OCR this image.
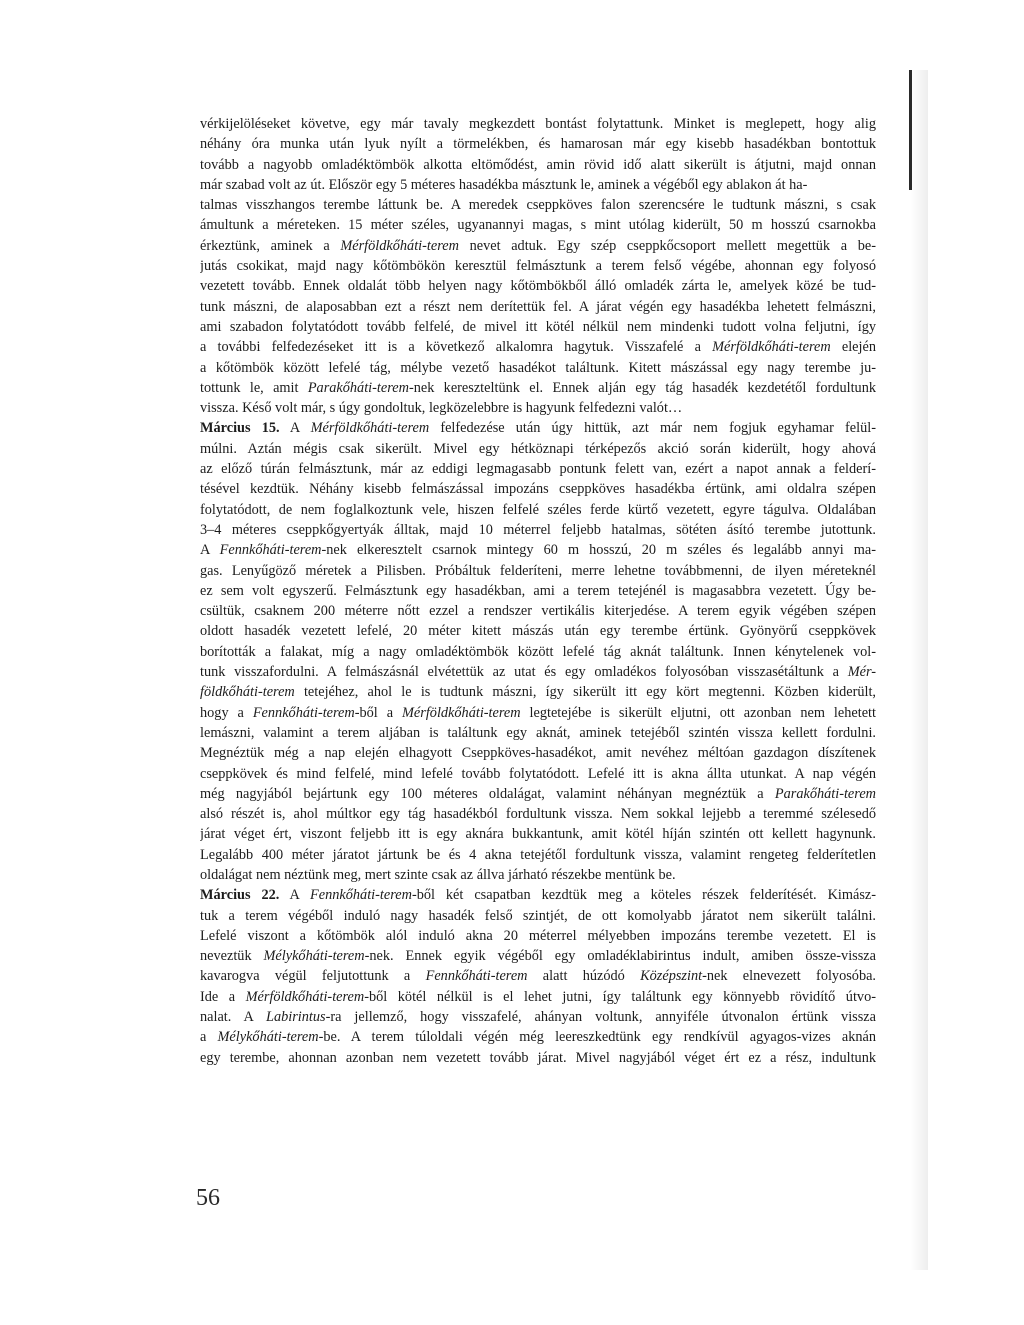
vérkijelöléseket követve, egy már tavaly megkezdett bontást folytattunk. Minket is meglepett, hogy alig
néhány óra munka után lyuk nyílt a törmelékben, és hamarosan már egy kisebb hasadékban bontottuk
tovább a nagyobb omladéktömbök alkotta eltömődést, amin rövid idő alatt sikerült is átjutni, majd onnan
már szabad volt az út. Először egy 5 méteres hasadékba másztunk le, aminek a végéből egy ablakon át ha-
talmas visszhangos terembe láttunk be. A meredek cseppköves falon szerencsére le tudtunk mászni, s csak
ámultunk a méreteken. 15 méter széles, ugyanannyi magas, s mint utólag kiderült, 50 m hosszú csarnokba
érkeztünk, aminek a Mérföldkőháti-terem nevet adtuk. Egy szép cseppkőcsoport mellett megettük a be-
jutás csokikat, majd nagy kőtömbökön keresztül felmásztunk a terem felső végébe, ahonnan egy folyosó
vezetett tovább. Ennek oldalát több helyen nagy kőtömbökből álló omladék zárta le, amelyek közé be tud-
tunk mászni, de alaposabban ezt a részt nem derítettük fel. A járat végén egy hasadékba lehetett felmászni,
ami szabadon folytatódott tovább felfelé, de mivel itt kötél nélkül nem mindenki tudott volna feljutni, így
a további felfedezéseket itt is a következő alkalomra hagytuk. Visszafelé a Mérföldkőháti-terem elején
a kőtömbök között lefelé tág, mélybe vezető hasadékot találtunk. Kitett mászással egy nagy terembe ju-
tottunk le, amit Parakőháti-terem-nek kereszteltünk el. Ennek alján egy tág hasadék kezdetétől fordultunk
vissza. Késő volt már, s úgy gondoltuk, legközelebbre is hagyunk felfedezni valót…
Március 15. A Mérföldkőháti-terem felfedezése után úgy hittük, azt már nem fogjuk egyhamar felül-
múlni. Aztán mégis csak sikerült. Mivel egy hétköznapi térképezős akció során kiderült, hogy ahová
az előző túrán felmásztunk, már az eddigi legmagasabb pontunk felett van, ezért a napot annak a felderí-
tésével kezdtük. Néhány kisebb felmászással impozáns cseppköves hasadékba értünk, ami oldalra szépen
folytatódott, de nem foglalkoztunk vele, hiszen felfelé széles ferde kürtő vezetett, egyre tágulva. Oldalában
3–4 méteres cseppkőgyertyák álltak, majd 10 méterrel feljebb hatalmas, sötéten ásító terembe jutottunk.
A Fennkőháti-terem-nek elkeresztelt csarnok mintegy 60 m hosszú, 20 m széles és legalább annyi ma-
gas. Lenyűgöző méretek a Pilisben. Próbáltuk felderíteni, merre lehetne továbbmenni, de ilyen méreteknél
ez sem volt egyszerű. Felmásztunk egy hasadékban, ami a terem tetejénél is magasabbra vezetett. Úgy be-
csültük, csaknem 200 méterre nőtt ezzel a rendszer vertikális kiterjedése. A terem egyik végében szépen
oldott hasadék vezetett lefelé, 20 méter kitett mászás után egy terembe értünk. Gyönyörű cseppkövek
borították a falakat, míg a nagy omladéktömbök között lefelé tág aknát találtunk. Innen kénytelenek vol-
tunk visszafordulni. A felmászásnál elvétettük az utat és egy omladékos folyosóban visszasétáltunk a Mér-
földkőháti-terem tetejéhez, ahol le is tudtunk mászni, így sikerült itt egy kört megtenni. Közben kiderült,
hogy a Fennkőháti-terem-ből a Mérföldkőháti-terem legtetejébe is sikerült eljutni, ott azonban nem lehetett
lemászni, valamint a terem aljában is találtunk egy aknát, aminek tetejéből szintén vissza kellett fordulni.
Megnéztük még a nap elején elhagyott Cseppköves-hasadékot, amit nevéhez méltóan gazdagon díszítenek
cseppkövek és mind felfelé, mind lefelé tovább folytatódott. Lefelé itt is akna állta utunkat. A nap végén
még nagyjából bejártunk egy 100 méteres oldalágat, valamint néhányan megnéztük a Parakőháti-terem
alsó részét is, ahol múltkor egy tág hasadékból fordultunk vissza. Nem sokkal lejjebb a teremmé szélesedő
járat véget ért, viszont feljebb itt is egy aknára bukkantunk, amit kötél híján szintén ott kellett hagynunk.
Legalább 400 méter járatot jártunk be és 4 akna tetejétől fordultunk vissza, valamint rengeteg felderítetlen
oldalágat nem néztünk meg, mert szinte csak az állva járható részekbe mentünk be.
Március 22. A Fennkőháti-terem-ből két csapatban kezdtük meg a köteles részek felderítését. Kimász-
tuk a terem végéből induló nagy hasadék felső szintjét, de ott komolyabb járatot nem sikerült találni.
Lefelé viszont a kőtömbök alól induló akna 20 méterrel mélyebben impozáns terembe vezetett. El is
neveztük Mélykőháti-terem-nek. Ennek egyik végéből egy omladéklabirintus indult, amiben össze-vissza
kavarogva végül feljutottunk a Fennkőháti-terem alatt húzódó Középszint-nek elnevezett folyosóba.
Ide a Mérföldkőháti-terem-ből kötél nélkül is el lehet jutni, így találtunk egy könnyebb rövidítő útvo-
nalat. A Labirintus-ra jellemző, hogy visszafelé, ahányan voltunk, annyiféle útvonalon értünk vissza
a Mélykőháti-terem-be. A terem túloldali végén még leereszkedtünk egy rendkívül agyagos-vizes aknán
egy terembe, ahonnan azonban nem vezetett tovább járat. Mivel nagyjából véget ért ez a rész, indultunk
56
